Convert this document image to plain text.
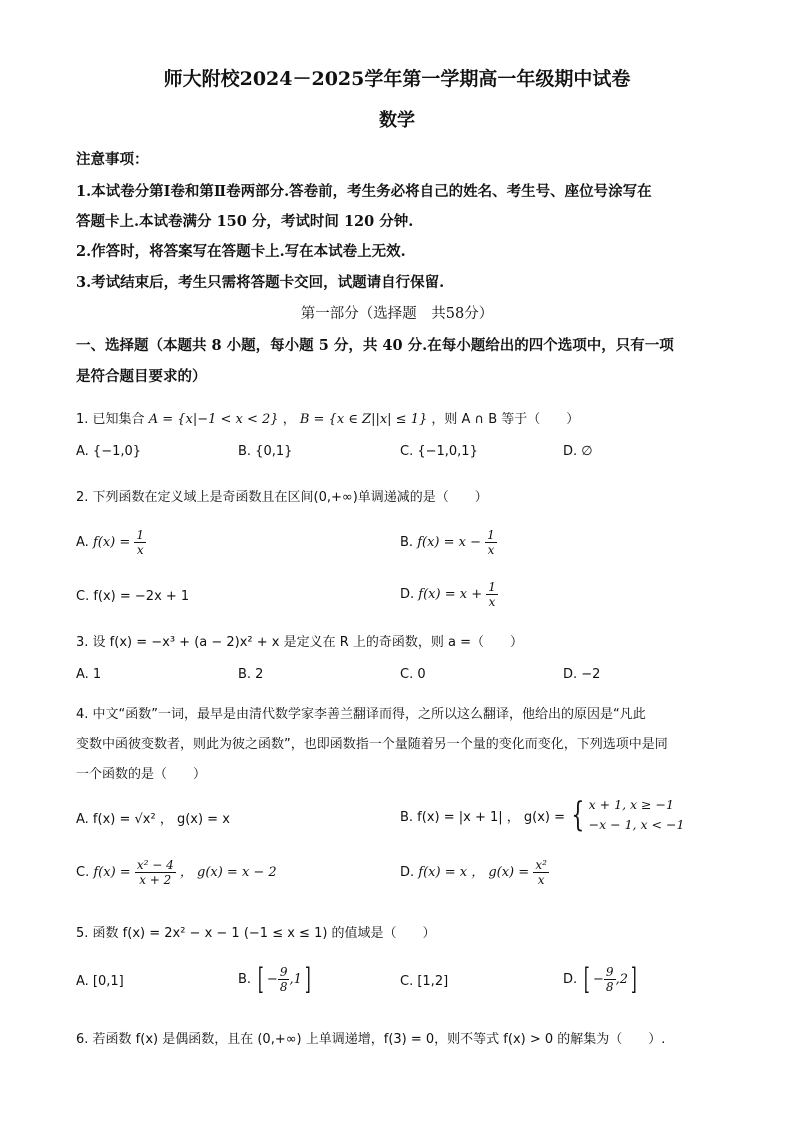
师大附校2024－2025学年第一学期高一年级期中试卷
数学
注意事项：
1.本试卷分第Ⅰ卷和第Ⅱ卷两部分.答卷前，考生务必将自己的姓名、考生号、座位号涂写在
答题卡上.本试卷满分 150 分，考试时间 120 分钟.
2.作答时，将答案写在答题卡上.写在本试卷上无效.
3.考试结束后，考生只需将答题卡交回，试题请自行保留.
第一部分（选择题　共58分）
一、选择题（本题共 8 小题，每小题 5 分，共 40 分.在每小题给出的四个选项中，只有一项
是符合题目要求的）
1. 已知集合 A = {x|−1 < x < 2} ， B = {x ∈ Z||x| ≤ 1} ，则 A ∩ B 等于（　　）
A. {−1,0}	B. {0,1}	C. {−1,0,1}	D. ∅
2. 下列函数在定义域上是奇函数且在区间(0,+∞)单调递减的是（　　）
A. $f(x) = \frac{1}{x}$	B. $f(x) = x - \frac{1}{x}$
C. f(x) = −2x + 1	D. $f(x) = x + \frac{1}{x}$
3. 设 f(x) = −x³ + (a − 2)x² + x 是定义在 R 上的奇函数，则 a =（　　）
A. 1	B. 2	C. 0	D. −2
4. 中文“函数”一词，最早是由清代数学家李善兰翻译而得，之所以这么翻译，他给出的原因是“凡此
变数中函彼变数者，则此为彼之函数”，也即函数指一个量随着另一个量的变化而变化，下列选项中是同
一个函数的是（　　）
A. f(x) = √x² ， g(x) = x	B. f(x) = |x + 1| ， g(x) = { x + 1, x ≥ −1
−x − 1, x < −1
C. $f(x) = \frac{\text{x² − 4}}{x + 2}$ ， g(x) = x − 2	D. f(x) = x ， $g(x) = \frac{\text{x²}}{x}$
5. 函数 f(x) = 2x² − x − 1 (−1 ≤ x ≤ 1) 的值域是（　　）
A. [0,1]	B. [ − $\frac{9}{8} ,1$]	C. [1,2]	D. [ − $\frac{9}{8} ,2$]
6. 若函数 f(x) 是偶函数，且在 (0,+∞) 上单调递增，f(3) = 0，则不等式 f(x) > 0 的解集为（　　）.
